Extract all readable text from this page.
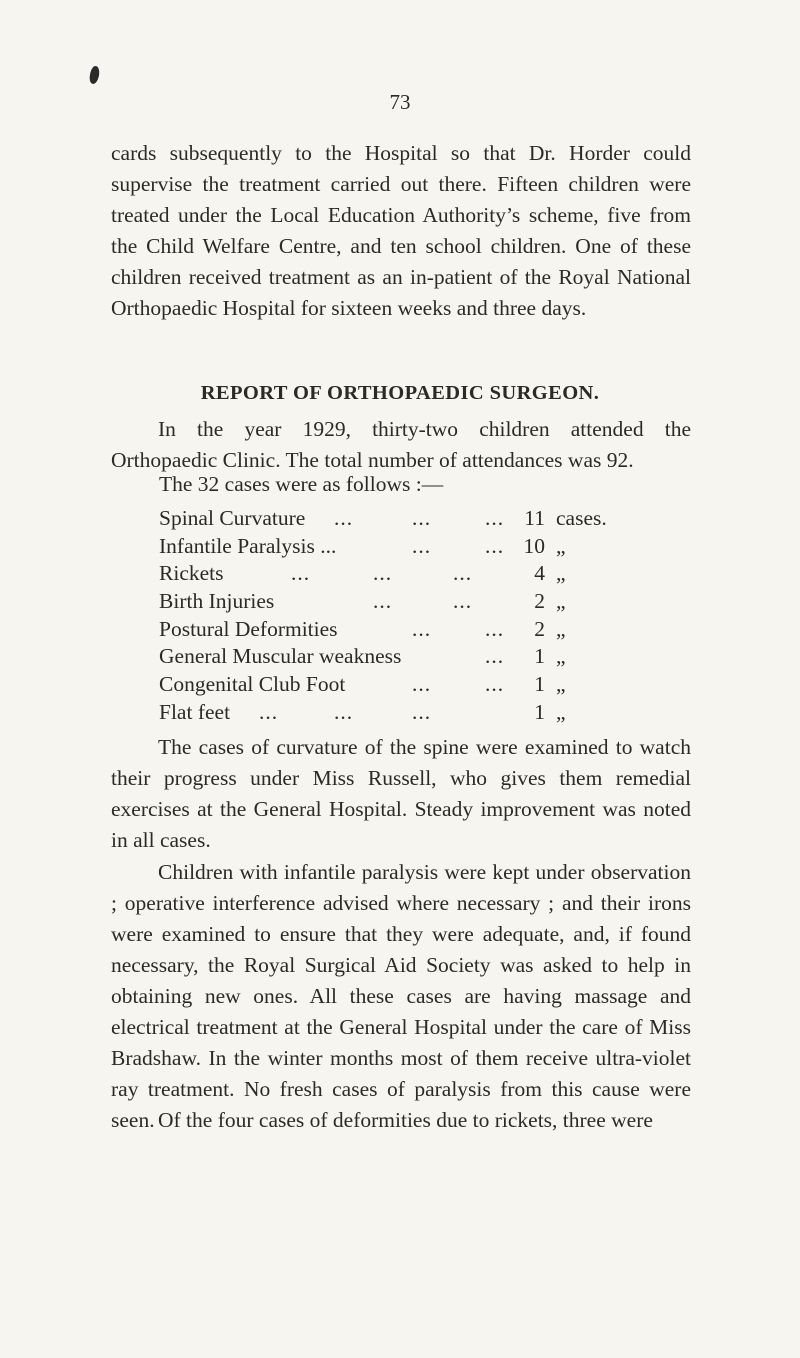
73

cards subsequently to the Hospital so that Dr. Horder could supervise the treatment carried out there. Fifteen children were treated under the Local Education Authority’s scheme, five from the Child Welfare Centre, and ten school children. One of these children received treatment as an in-patient of the Royal National Orthopaedic Hospital for sixteen weeks and three days.

REPORT OF ORTHOPAEDIC SURGEON.

In the year 1929, thirty-two children attended the Orthopaedic Clinic. The total number of attendances was 92.

The 32 cases were as follows :—
Spinal Curvature ...	...	... 11 cases.
Infantile Paralysis ...	...	... 10 „
Rickets	...	...	...	4 „
Birth Injuries	...	...	2 „
Postural Deformities	...	...	2 „
General Muscular weakness	...	1 „
Congenital Club Foot	...	...	1 „
Flat feet ...	...	...	1 „

The cases of curvature of the spine were examined to watch their progress under Miss Russell, who gives them remedial exercises at the General Hospital. Steady improvement was noted in all cases.

Children with infantile paralysis were kept under observation ; operative interference advised where necessary ; and their irons were examined to ensure that they were adequate, and, if found necessary, the Royal Surgical Aid Society was asked to help in obtaining new ones. All these cases are having massage and electrical treatment at the General Hospital under the care of Miss Bradshaw. In the winter months most of them receive ultra-violet ray treatment. No fresh cases of paralysis from this cause were seen. Of the four cases of deformities due to rickets, three were
